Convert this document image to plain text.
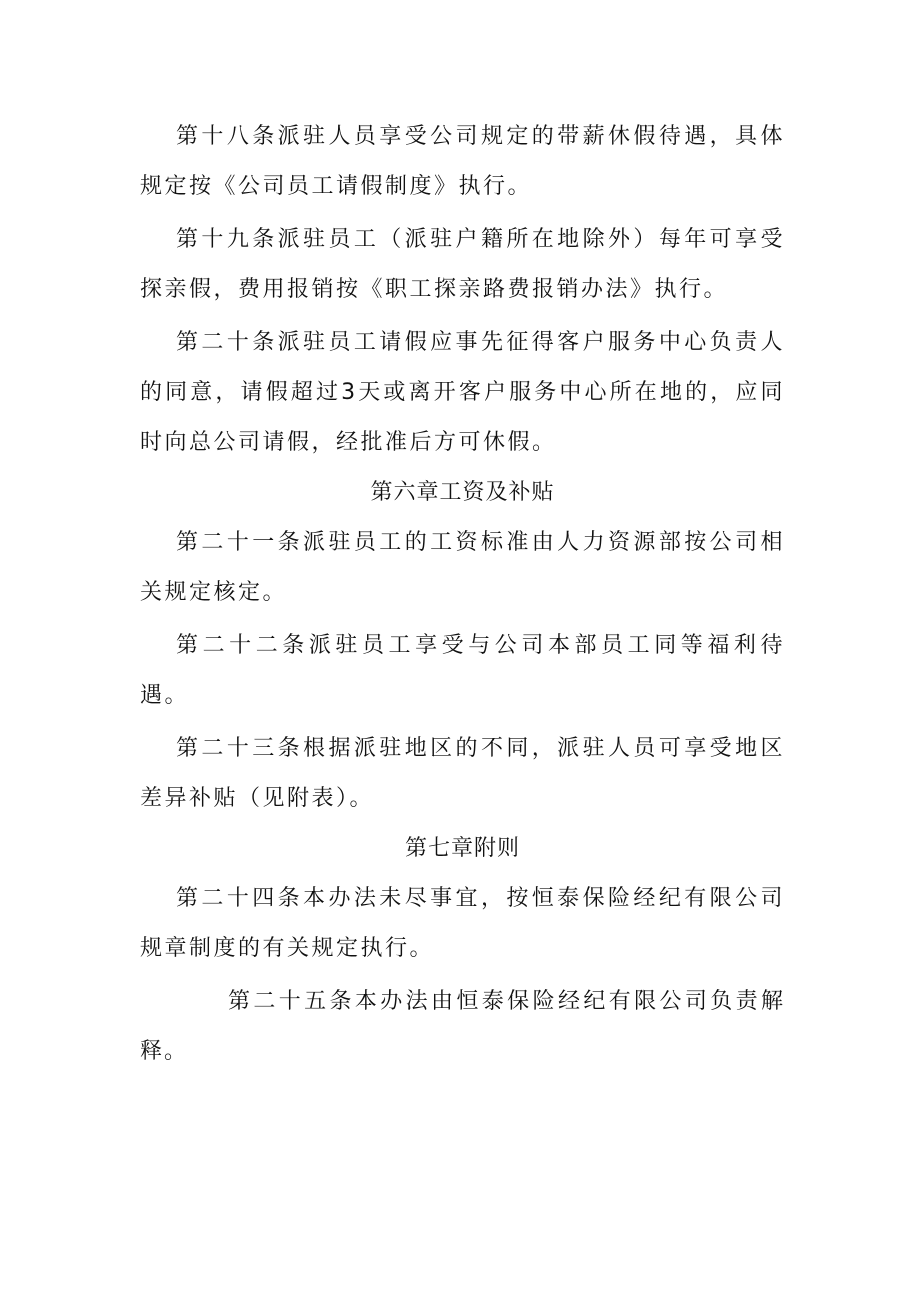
第十八条派驻人员享受公司规定的带薪休假待遇，具体规定按《公司员工请假制度》执行。

第十九条派驻员工（派驻户籍所在地除外）每年可享受探亲假，费用报销按《职工探亲路费报销办法》执行。

第二十条派驻员工请假应事先征得客户服务中心负责人的同意，请假超过3天或离开客户服务中心所在地的，应同时向总公司请假，经批准后方可休假。

第六章工资及补贴

第二十一条派驻员工的工资标准由人力资源部按公司相关规定核定。

第二十二条派驻员工享受与公司本部员工同等福利待遇。

第二十三条根据派驻地区的不同，派驻人员可享受地区差异补贴（见附表）。

第七章附则

第二十四条本办法未尽事宜，按恒泰保险经纪有限公司规章制度的有关规定执行。

第二十五条本办法由恒泰保险经纪有限公司负责解释。
